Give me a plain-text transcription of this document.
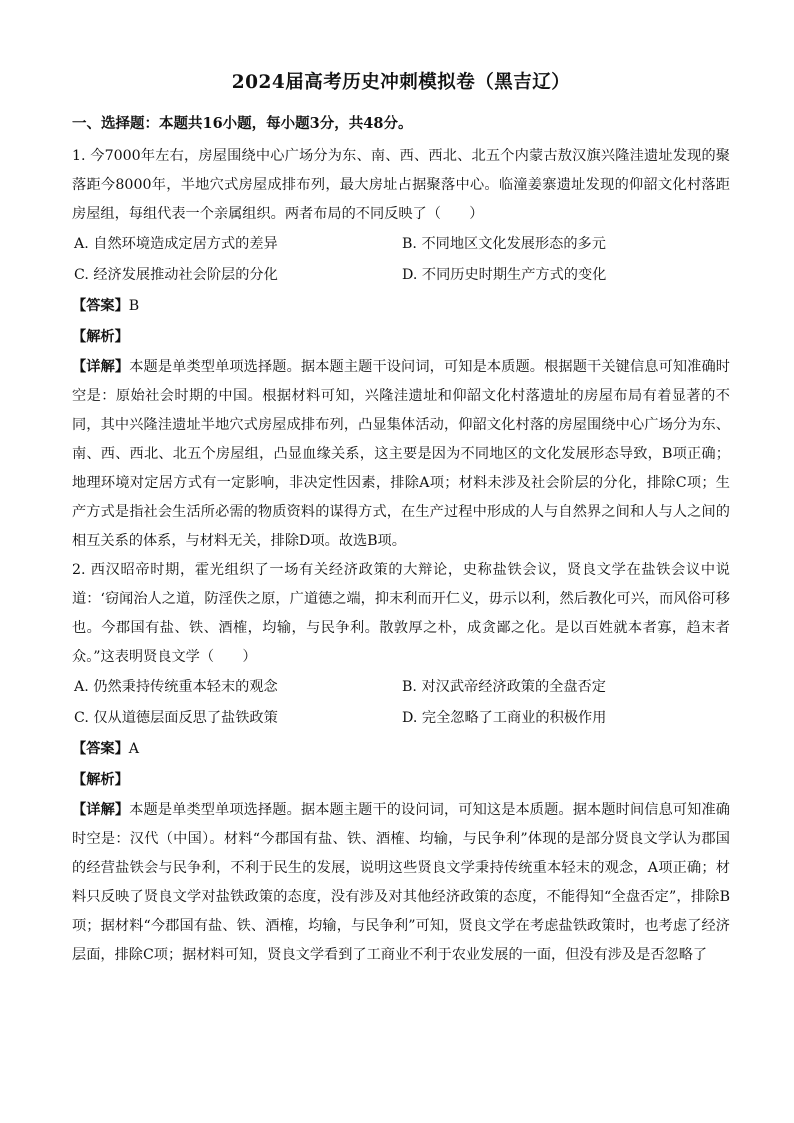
2024届高考历史冲刺模拟卷（黑吉辽）
一、选择题：本题共16小题，每小题3分，共48分。

1. 今7000年左右，房屋围绕中心广场分为东、南、西、西北、北五个内蒙古敖汉旗兴隆洼遗址发现的聚落距今8000年，半地穴式房屋成排布列，最大房址占据聚落中心。临潼姜寨遗址发现的仰韶文化村落距房屋组，每组代表一个亲属组织。两者布局的不同反映了（　　）

A. 自然环境造成定居方式的差异	B. 不同地区文化发展形态的多元
C. 经济发展推动社会阶层的分化	D. 不同历史时期生产方式的变化
【答案】B
【解析】

【详解】本题是单类型单项选择题。据本题主题干设问词，可知是本质题。根据题干关键信息可知准确时空是：原始社会时期的中国。根据材料可知，兴隆洼遗址和仰韶文化村落遗址的房屋布局有着显著的不同，其中兴隆洼遗址半地穴式房屋成排布列，凸显集体活动，仰韶文化村落的房屋围绕中心广场分为东、南、西、西北、北五个房屋组，凸显血缘关系，这主要是因为不同地区的文化发展形态导致，B项正确；地理环境对定居方式有一定影响，非决定性因素，排除A项；材料未涉及社会阶层的分化，排除C项；生产方式是指社会生活所必需的物质资料的谋得方式，在生产过程中形成的人与自然界之间和人与人之间的相互关系的体系，与材料无关，排除D项。故选B项。

2. 西汉昭帝时期，霍光组织了一场有关经济政策的大辩论，史称盐铁会议，贤良文学在盐铁会议中说道：‘窃闻治人之道，防淫佚之原，广道德之端，抑末利而开仁义，毋示以利，然后教化可兴，而风俗可移也。今郡国有盐、铁、酒榷，均输，与民争利。散敦厚之朴，成贪鄙之化。是以百姓就本者寡，趋末者众。”这表明贤良文学（　　）

A. 仍然秉持传统重本轻末的观念	B. 对汉武帝经济政策的全盘否定
C. 仅从道德层面反思了盐铁政策	D. 完全忽略了工商业的积极作用
【答案】A
【解析】

【详解】本题是单类型单项选择题。据本题主题干的设问词，可知这是本质题。据本题时间信息可知准确时空是：汉代（中国）。材料“今郡国有盐、铁、酒榷、均输，与民争利”体现的是部分贤良文学认为郡国的经营盐铁会与民争利，不利于民生的发展，说明这些贤良文学秉持传统重本轻末的观念，A项正确；材料只反映了贤良文学对盐铁政策的态度，没有涉及对其他经济政策的态度，不能得知“全盘否定”，排除B项；据材料“今郡国有盐、铁、酒榷，均输，与民争利”可知，贤良文学在考虑盐铁政策时，也考虑了经济层面，排除C项；据材料可知，贤良文学看到了工商业不利于农业发展的一面，但没有涉及是否忽略了
